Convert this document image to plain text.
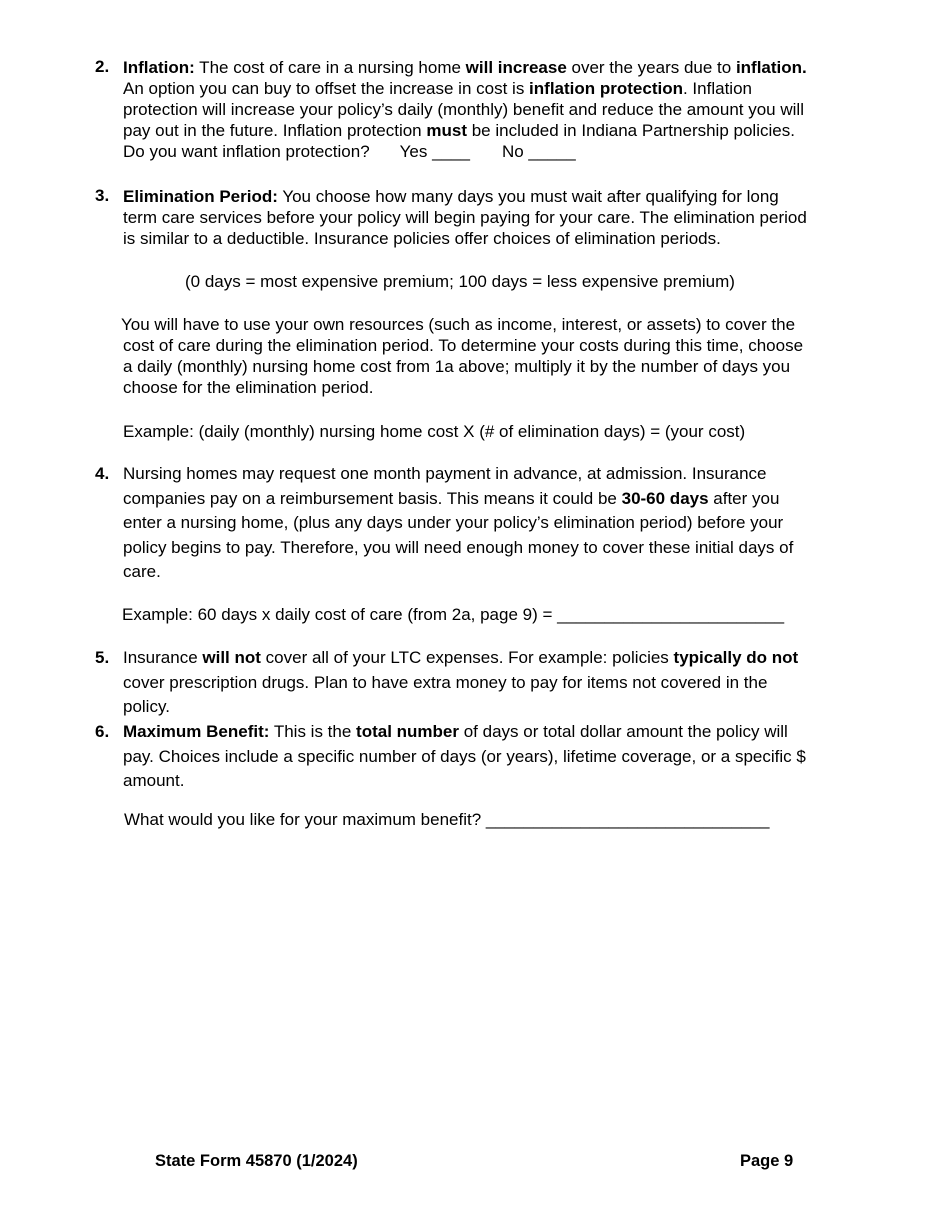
2. Inflation: The cost of care in a nursing home will increase over the years due to inflation.
An option you can buy to offset the increase in cost is inflation protection. Inflation
protection will increase your policy’s daily (monthly) benefit and reduce the amount you will
pay out in the future. Inflation protection must be included in Indiana Partnership policies.
Do you want inflation protection? Yes ____ No _____
3. Elimination Period: You choose how many days you must wait after qualifying for long
term care services before your policy will begin paying for your care. The elimination period
is similar to a deductible. Insurance policies offer choices of elimination periods.
(0 days = most expensive premium; 100 days = less expensive premium)
You will have to use your own resources (such as income, interest, or assets) to cover the
cost of care during the elimination period. To determine your costs during this time, choose
a daily (monthly) nursing home cost from 1a above; multiply it by the number of days you
choose for the elimination period.
Example: (daily (monthly) nursing home cost X (# of elimination days) = (your cost)
4. Nursing homes may request one month payment in advance, at admission. Insurance
companies pay on a reimbursement basis. This means it could be 30-60 days after you
enter a nursing home, (plus any days under your policy’s elimination period) before your
policy begins to pay. Therefore, you will need enough money to cover these initial days of
care.
Example: 60 days x daily cost of care (from 2a, page 9) = ________________________
5. Insurance will not cover all of your LTC expenses. For example: policies typically do not
cover prescription drugs. Plan to have extra money to pay for items not covered in the
policy.
6. Maximum Benefit: This is the total number of days or total dollar amount the policy will
pay. Choices include a specific number of days (or years), lifetime coverage, or a specific $
amount.
What would you like for your maximum benefit? ______________________________
State Form 45870 (1/2024)	Page 9
